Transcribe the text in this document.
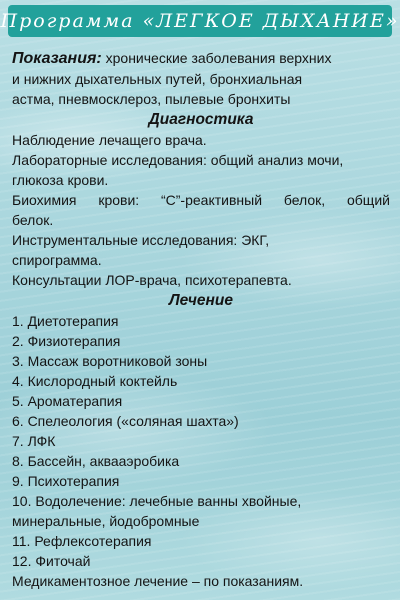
Программа «ЛЕГКОЕ ДЫХАНИЕ»
Показания: хронические заболевания верхних
и нижних дыхательных путей, бронхиальная
астма, пневмосклероз, пылевые бронхиты
Диагностика
Наблюдение лечащего врача.
Лабораторные исследования: общий анализ мочи,
глюкоза крови.
Биохимия крови: “С”-реактивный белок, общий
белок.
Инструментальные исследования: ЭКГ,
спирограмма.
Консультации ЛОР-врача, психотерапевта.
Лечение
1. Диетотерапия
2. Физиотерапия
3. Массаж воротниковой зоны
4. Кислородный коктейль
5. Ароматерапия
6. Спелеология («соляная шахта»)
7. ЛФК
8. Бассейн, аквааэробика
9. Психотерапия
10. Водолечение: лечебные ванны хвойные,
минеральные, йодобромные
11. Рефлексотерапия
12. Фиточай
Медикаментозное лечение – по показаниям.
